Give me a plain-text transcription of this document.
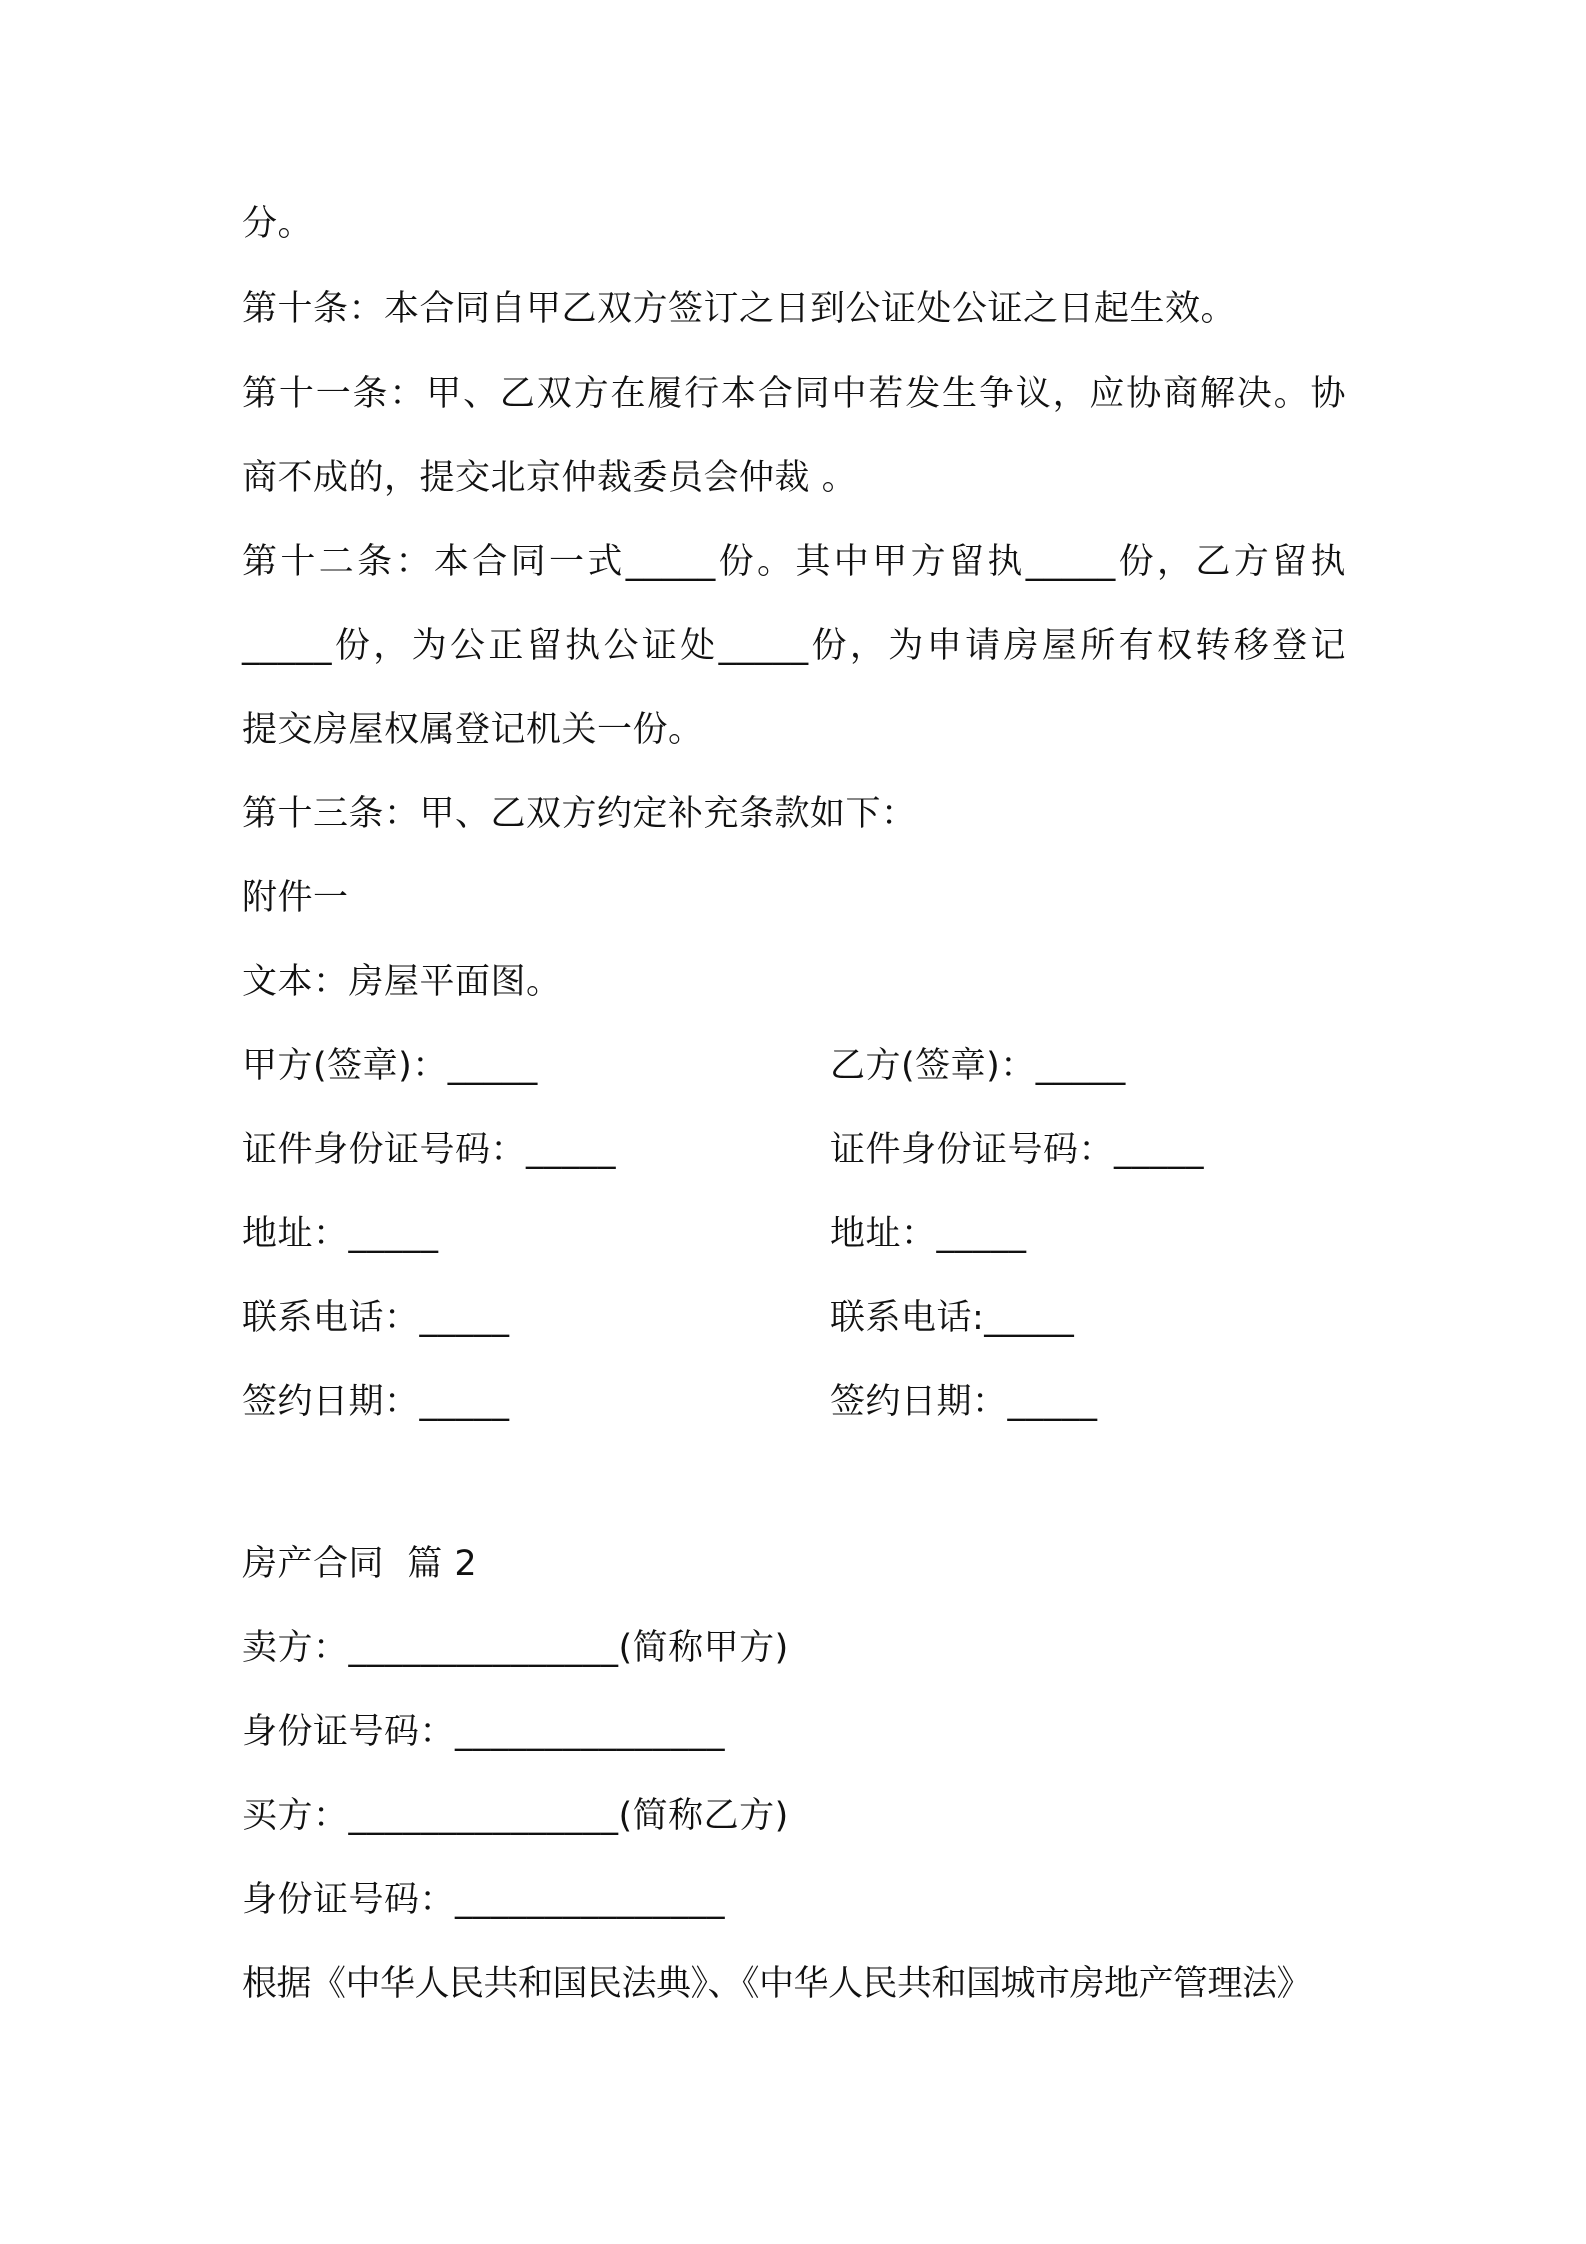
分。
第十条：本合同自甲乙双方签订之日到公证处公证之日起生效。
第十一条：甲、乙双方在履行本合同中若发生争议，应协商解决。协
商不成的，提交北京仲裁委员会仲裁 。
第十二条：本合同一式_____份。其中甲方留执_____份，乙方留执
_____份，为公正留执公证处_____份，为申请房屋所有权转移登记
提交房屋权属登记机关一份。
第十三条：甲、乙双方约定补充条款如下：
附件一
文本：房屋平面图。
甲方(签章)：_____
证件身份证号码：_____
地址：_____
联系电话：_____
签约日期：_____
乙方(签章)：_____
证件身份证号码：_____
地址：_____
联系电话:_____
签约日期：_____
房产合同  篇 2
卖方：_______________(简称甲方)
身份证号码：_______________
买方：_______________(简称乙方)
身份证号码：_______________
根据《中华人民共和国民法典》、《中华人民共和国城市房地产管理法》
